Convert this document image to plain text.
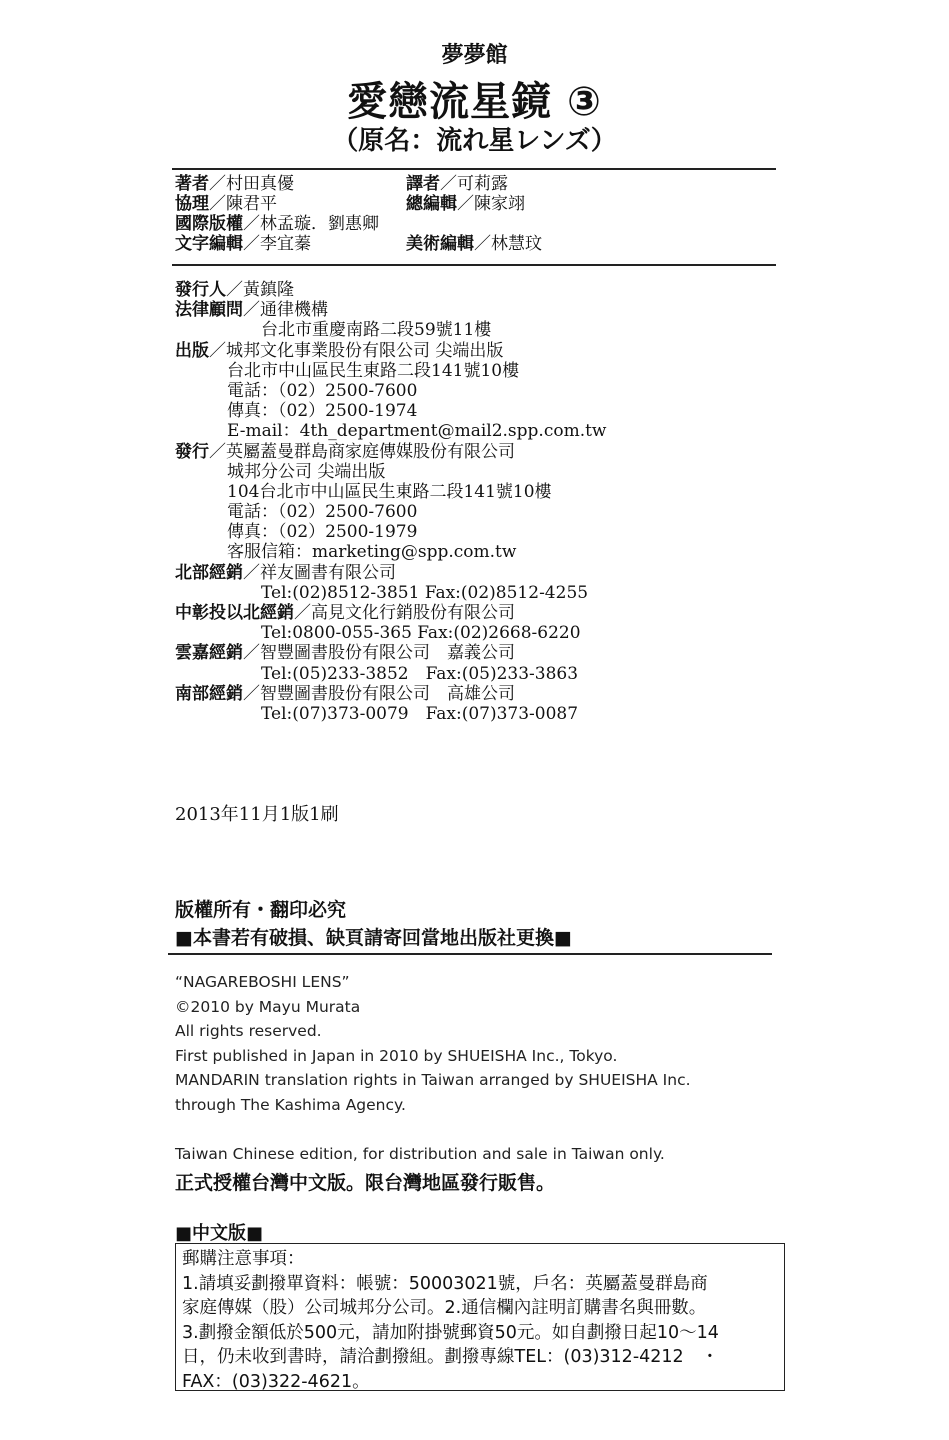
夢夢館
愛戀流星鏡 ③
（原名：流れ星レンズ）
著者／村田真優	譯者／可莉露
協理／陳君平	總編輯／陳家翊
國際版權／林孟璇．劉惠卿
文字編輯／李宜蓁	美術編輯／林慧玟
發行人／黃鎮隆
法律顧問／通律機構
台北市重慶南路二段59號11樓
出版／城邦文化事業股份有限公司 尖端出版
台北市中山區民生東路二段141號10樓
電話：（02）2500-7600
傳真：（02）2500-1974
E-mail：4th_department@mail2.spp.com.tw
發行／英屬蓋曼群島商家庭傳媒股份有限公司
城邦分公司 尖端出版
104台北市中山區民生東路二段141號10樓
電話：（02）2500-7600
傳真：（02）2500-1979
客服信箱：marketing@spp.com.tw
北部經銷／祥友圖書有限公司
Tel:(02)8512-3851 Fax:(02)8512-4255
中彰投以北經銷／高見文化行銷股份有限公司
Tel:0800-055-365 Fax:(02)2668-6220
雲嘉經銷／智豐圖書股份有限公司　嘉義公司
Tel:(05)233-3852　Fax:(05)233-3863
南部經銷／智豐圖書股份有限公司　高雄公司
Tel:(07)373-0079　Fax:(07)373-0087
2013年11月1版1刷
版權所有・翻印必究
■本書若有破損、缺頁請寄回當地出版社更換■
“NAGAREBOSHI LENS”
©2010 by Mayu Murata
All rights reserved.
First published in Japan in 2010 by SHUEISHA Inc., Tokyo.
MANDARIN translation rights in Taiwan arranged by SHUEISHA Inc.
through The Kashima Agency.
Taiwan Chinese edition, for distribution and sale in Taiwan only.
正式授權台灣中文版。限台灣地區發行販售。
■中文版■
郵購注意事項：
1.請填妥劃撥單資料：帳號：50003021號，戶名：英屬蓋曼群島商
家庭傳媒（股）公司城邦分公司。2.通信欄內註明訂購書名與冊數。
3.劃撥金額低於500元，請加附掛號郵資50元。如自劃撥日起10～14
日，仍未收到書時，請洽劃撥組。劃撥專線TEL：(03)312-4212　・
FAX：(03)322-4621。
